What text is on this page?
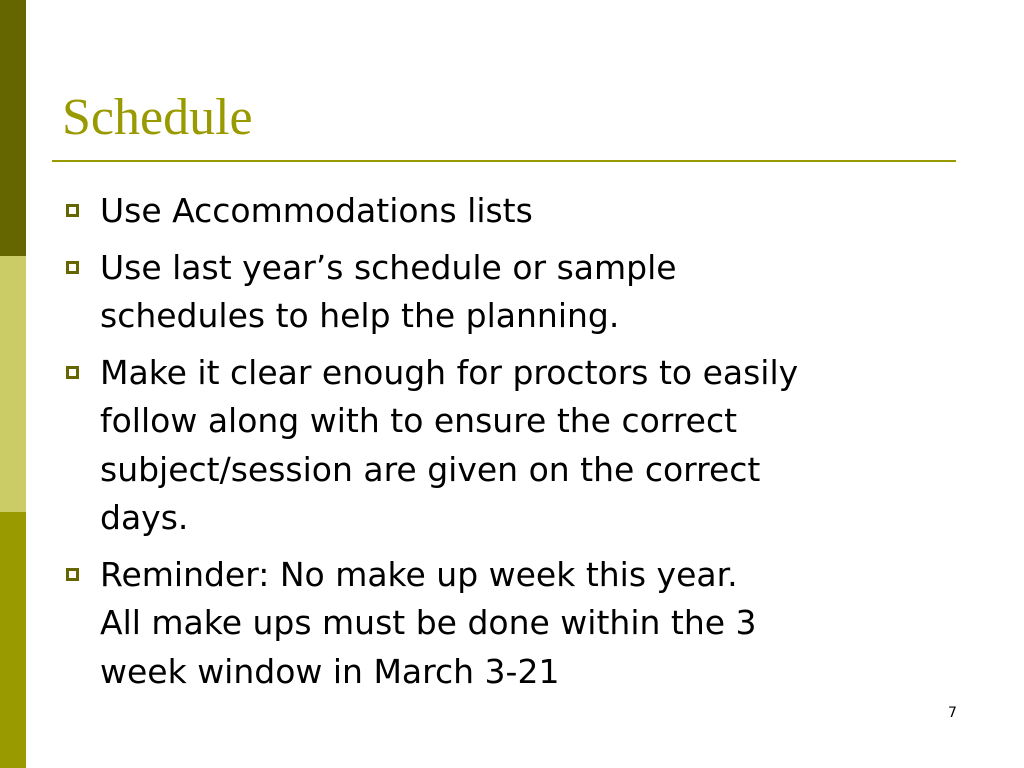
Schedule
Use Accommodations lists
Use last year’s schedule or sample
schedules to help the planning.
Make it clear enough for proctors to easily
follow along with to ensure the correct
subject/session are given on the correct
days.
Reminder: No make up week this year.
All make ups must be done within the 3
week window in March 3-21
7
